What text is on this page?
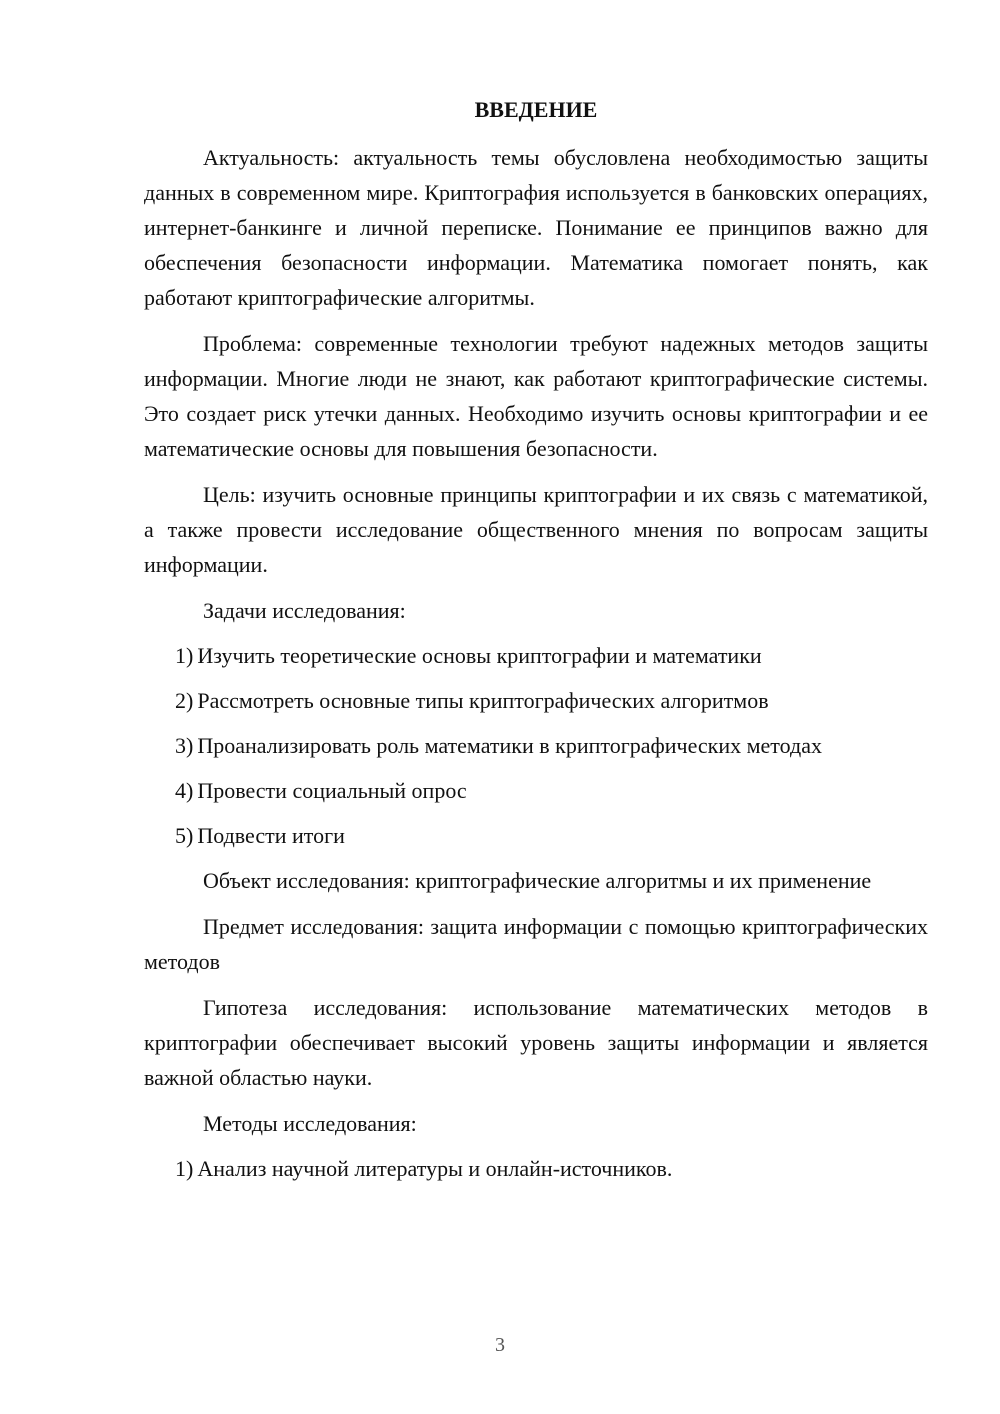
ВВЕДЕНИЕ

Актуальность: актуальность темы обусловлена необходимостью защиты данных в современном мире. Криптография используется в банковских операциях, интернет-банкинге и личной переписке. Понимание ее принципов важно для обеспечения безопасности информации. Математика помогает понять, как работают криптографические алгоритмы.

Проблема: современные технологии требуют надежных методов защиты информации. Многие люди не знают, как работают криптографические системы. Это создает риск утечки данных. Необходимо изучить основы криптографии и ее математические основы для повышения безопасности.

Цель: изучить основные принципы криптографии и их связь с математикой, а также провести исследование общественного мнения по вопросам защиты информации.

Задачи исследования:

1) Изучить теоретические основы криптографии и математики
2) Рассмотреть основные типы криптографических алгоритмов
3) Проанализировать роль математики в криптографических методах
4) Провести социальный опрос
5) Подвести итоги

Объект исследования: криптографические алгоритмы и их применение

Предмет исследования: защита информации с помощью криптографических методов

Гипотеза исследования: использование математических методов в криптографии обеспечивает высокий уровень защиты информации и является важной областью науки.

Методы исследования:

1) Анализ научной литературы и онлайн-источников.
3
